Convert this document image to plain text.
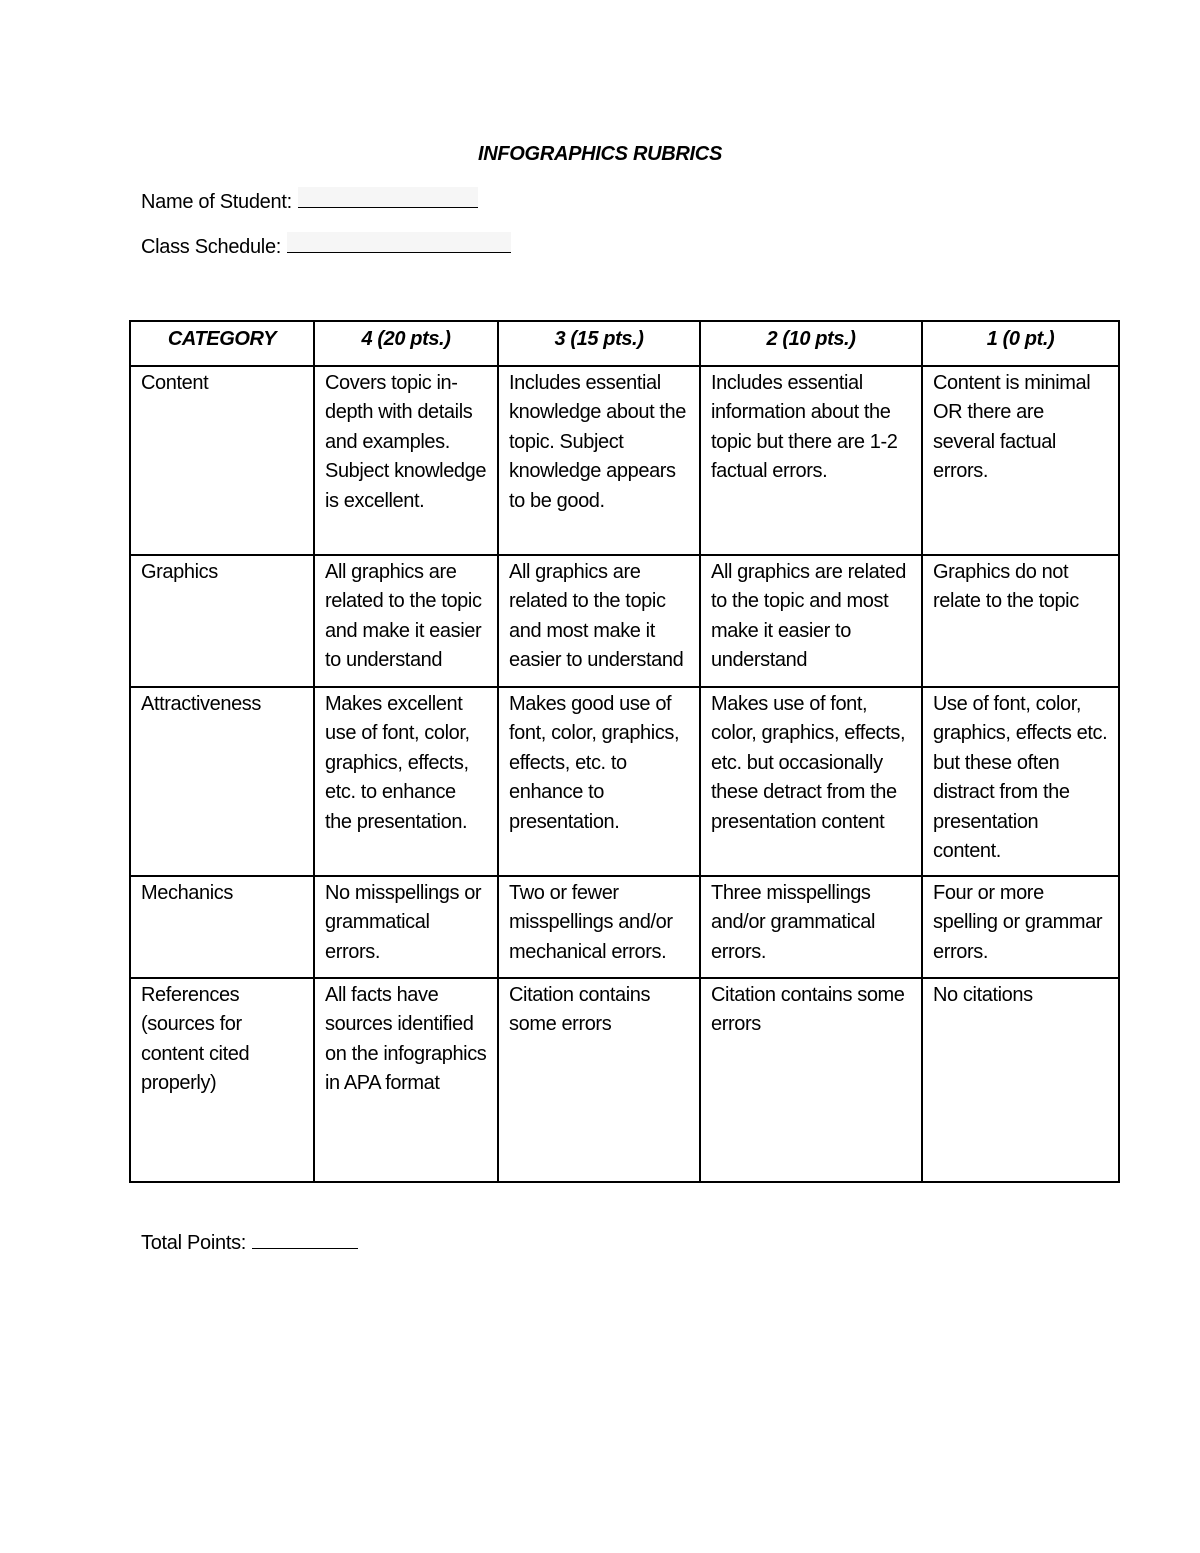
INFOGRAPHICS RUBRICS
Name of Student:
Class Schedule:
CATEGORY	4 (20 pts.)	3 (15 pts.)	2 (10 pts.)	1 (0 pt.)
Content	Covers topic in-depth with details and examples. Subject knowledge is excellent.	Includes essential knowledge about the topic. Subject knowledge appears to be good.	Includes essential information about the topic but there are 1-2 factual errors.	Content is minimal OR there are several factual errors.
Graphics	All graphics are related to the topic and make it easier to understand	All graphics are related to the topic and most make it easier to understand	All graphics are related to the topic and most make it easier to understand	Graphics do not relate to the topic
Attractiveness	Makes excellent use of font, color, graphics, effects, etc. to enhance the presentation.	Makes good use of font, color, graphics, effects, etc. to enhance to presentation.	Makes use of font, color, graphics, effects, etc. but occasionally these detract from the presentation content	Use of font, color, graphics, effects etc. but these often distract from the presentation content.
Mechanics	No misspellings or grammatical errors.	Two or fewer misspellings and/or mechanical errors.	Three misspellings and/or grammatical errors.	Four or more spelling or grammar errors.
References (sources for content cited properly)	All facts have sources identified on the infographics in APA format	Citation contains some errors	Citation contains some errors	No citations
Total Points:
